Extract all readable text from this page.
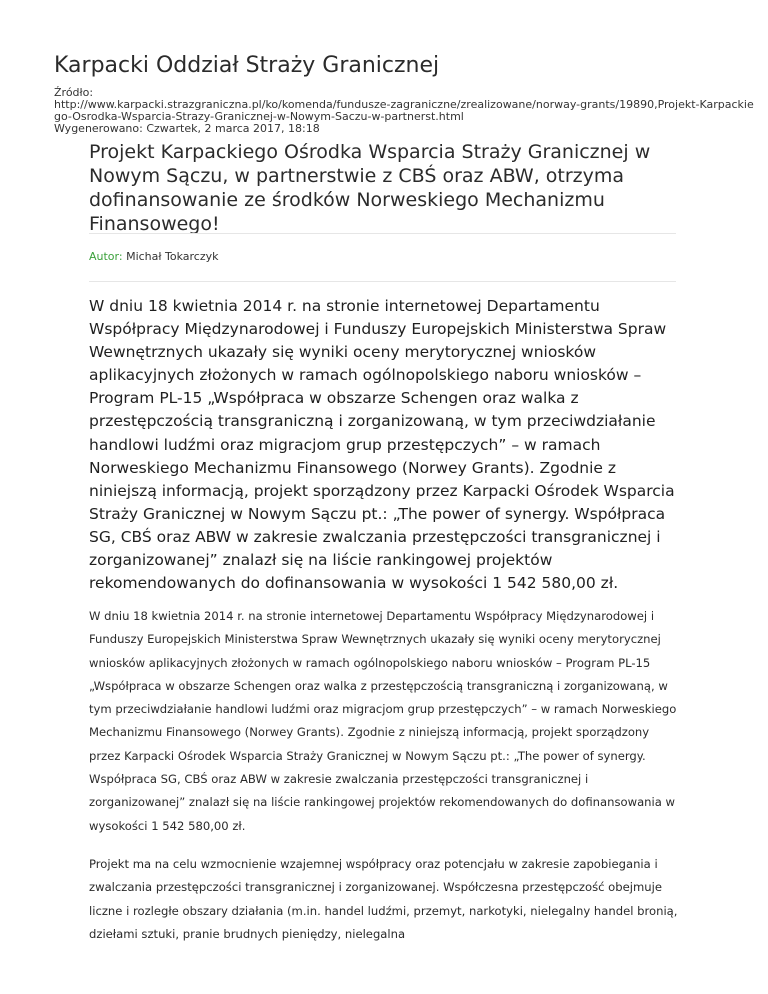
Karpacki Oddział Straży Granicznej
Źródło:
http://www.karpacki.strazgraniczna.pl/ko/komenda/fundusze-zagraniczne/zrealizowane/norway-grants/19890,Projekt-Karpackiego-Osrodka-Wsparcia-Strazy-Granicznej-w-Nowym-Saczu-w-partnerst.html
Wygenerowano: Czwartek, 2 marca 2017, 18:18
Projekt Karpackiego Ośrodka Wsparcia Straży Granicznej w Nowym Sączu, w partnerstwie z CBŚ oraz ABW, otrzyma dofinansowanie ze środków Norweskiego Mechanizmu Finansowego!
Autor: Michał Tokarczyk

W dniu 18 kwietnia 2014 r. na stronie internetowej Departamentu Współpracy Międzynarodowej i Funduszy Europejskich Ministerstwa Spraw Wewnętrznych ukazały się wyniki oceny merytorycznej wniosków aplikacyjnych złożonych w ramach ogólnopolskiego naboru wniosków – Program PL-15 „Współpraca w obszarze Schengen oraz walka z przestępczością transgraniczną i zorganizowaną, w tym przeciwdziałanie handlowi ludźmi oraz migracjom grup przestępczych” – w ramach Norweskiego Mechanizmu Finansowego (Norwey Grants). Zgodnie z niniejszą informacją, projekt sporządzony przez Karpacki Ośrodek Wsparcia Straży Granicznej w Nowym Sączu pt.: „The power of synergy. Współpraca SG, CBŚ oraz ABW w zakresie zwalczania przestępczości transgranicznej i zorganizowanej” znalazł się na liście rankingowej projektów rekomendowanych do dofinansowania w wysokości 1 542 580,00 zł.

W dniu 18 kwietnia 2014 r. na stronie internetowej Departamentu Współpracy Międzynarodowej i Funduszy Europejskich Ministerstwa Spraw Wewnętrznych ukazały się wyniki oceny merytorycznej wniosków aplikacyjnych złożonych w ramach ogólnopolskiego naboru wniosków – Program PL-15 „Współpraca w obszarze Schengen oraz walka z przestępczością transgraniczną i zorganizowaną, w tym przeciwdziałanie handlowi ludźmi oraz migracjom grup przestępczych” – w ramach Norweskiego Mechanizmu Finansowego (Norwey Grants). Zgodnie z niniejszą informacją, projekt sporządzony przez Karpacki Ośrodek Wsparcia Straży Granicznej w Nowym Sączu pt.: „The power of synergy. Współpraca SG, CBŚ oraz ABW w zakresie zwalczania przestępczości transgranicznej i zorganizowanej” znalazł się na liście rankingowej projektów rekomendowanych do dofinansowania w wysokości 1 542 580,00 zł.

Projekt ma na celu wzmocnienie wzajemnej współpracy oraz potencjału w zakresie zapobiegania i zwalczania przestępczości transgranicznej i zorganizowanej. Współczesna przestępczość obejmuje liczne i rozległe obszary działania (m.in. handel ludźmi, przemyt, narkotyki, nielegalny handel bronią, dziełami sztuki, pranie brudnych pieniędzy, nielegalna
